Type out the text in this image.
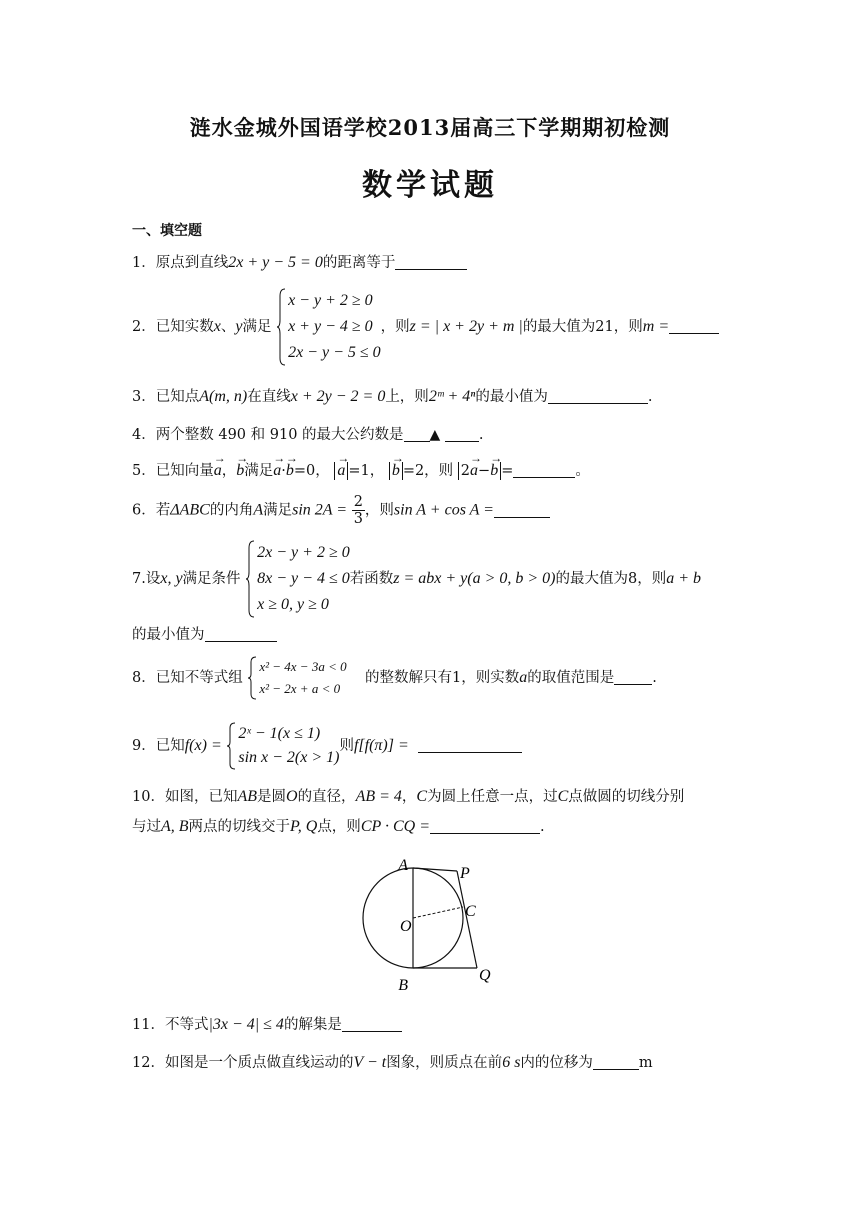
涟水金城外国语学校2013届高三下学期期初检测
数学试题
一、填空题
1．原点到直线2x + y − 5 = 0的距离等于
2．已知实数x、y满足
x − y + 2 ≥ 0
x + y − 4 ≥ 0
2x − y − 5 ≤ 0
，则z = | x + 2y + m |的最大值为21，则m =
3．已知点A(m, n)在直线x + 2y − 2 = 0上，则2ᵐ + 4ⁿ的最小值为	.
4．两个整数 490 和 910 的最大公约数是 ▲	.
5．已知向量→ a，→ b满足→ a·→ b=0， → a =1， → b =2，则 2→ a−→ b =	。
6．若ΔABC的内角A满足$\sin 2A = \frac{2}{3}$ ，则sin A + cos A =
7.设x, y满足条件
2x − y + 2 ≥ 0
8x − y − 4 ≤ 0
x ≥ 0, y ≥ 0
若函数z = abx + y(a > 0, b > 0)的最大值为8，则a + b
的最小值为
8．已知不等式组
x² − 4x − 3a < 0
x² − 2x + a < 0
的整数解只有1，则实数a的取值范围是	.
9．已知f(x) =
2ˣ − 1(x ≤ 1)
sin x − 2(x > 1)
则f[f(π)] =
10．如图，已知AB是圆O的直径，AB = 4，C为圆上任意一点，过C点做圆的切线分别
与过A, B两点的切线交于P, Q点，则CP · CQ =	.
A	P
O
C
B
Q
11．不等式|3x − 4| ≤ 4的解集是
12．如图是一个质点做直线运动的V − t图象，则质点在前6 s内的位移为	m
